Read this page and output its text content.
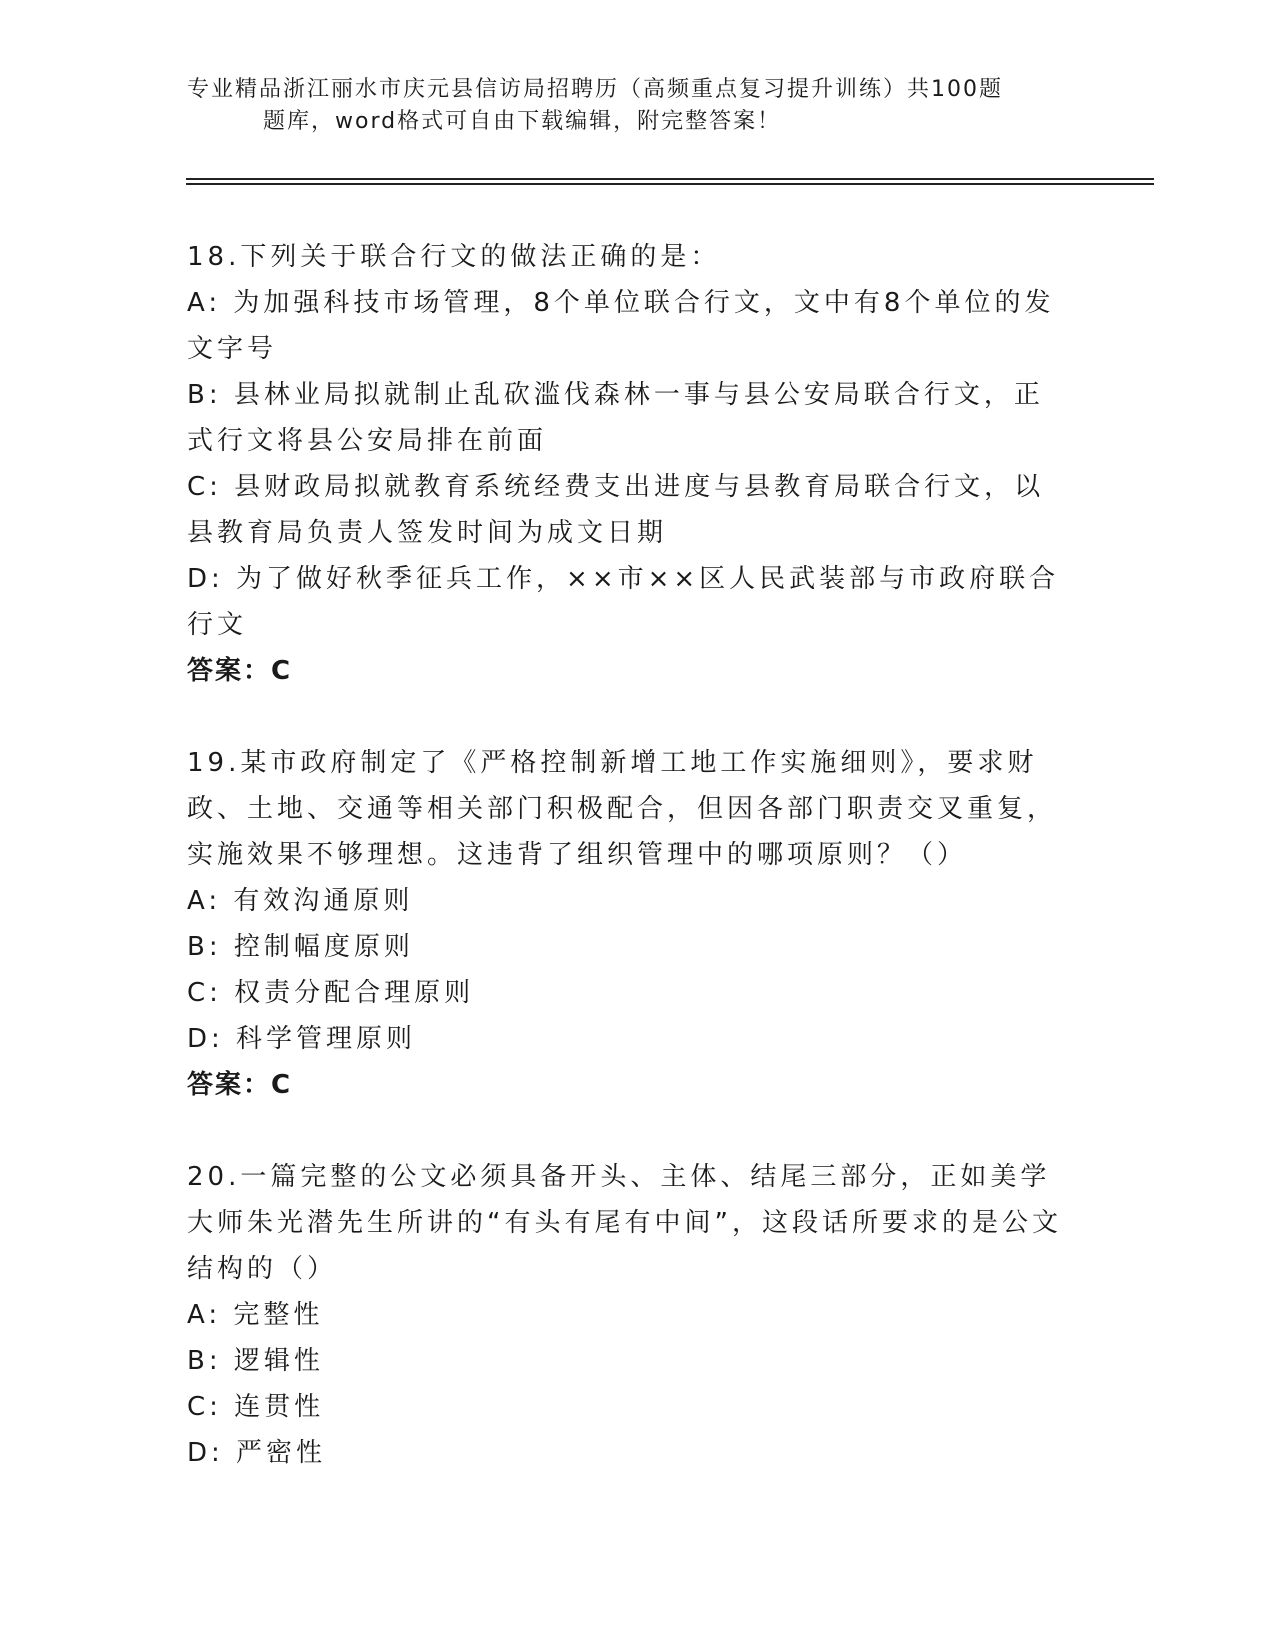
专业精品浙江丽水市庆元县信访局招聘历（高频重点复习提升训练）共100题
题库，word格式可自由下载编辑，附完整答案！
18.下列关于联合行文的做法正确的是：
A: 为加强科技市场管理，8个单位联合行文，文中有8个单位的发文字号
B: 县林业局拟就制止乱砍滥伐森林一事与县公安局联合行文，正式行文将县公安局排在前面
C: 县财政局拟就教育系统经费支出进度与县教育局联合行文，以县教育局负责人签发时间为成文日期
D: 为了做好秋季征兵工作，××市××区人民武装部与市政府联合行文
答案：C
19.某市政府制定了《严格控制新增工地工作实施细则》，要求财政、土地、交通等相关部门积极配合，但因各部门职责交叉重复，实施效果不够理想。这违背了组织管理中的哪项原则？（）
A: 有效沟通原则
B: 控制幅度原则
C: 权责分配合理原则
D: 科学管理原则
答案：C
20.一篇完整的公文必须具备开头、主体、结尾三部分，正如美学大师朱光潜先生所讲的“有头有尾有中间”，这段话所要求的是公文结构的（）
A: 完整性
B: 逻辑性
C: 连贯性
D: 严密性
